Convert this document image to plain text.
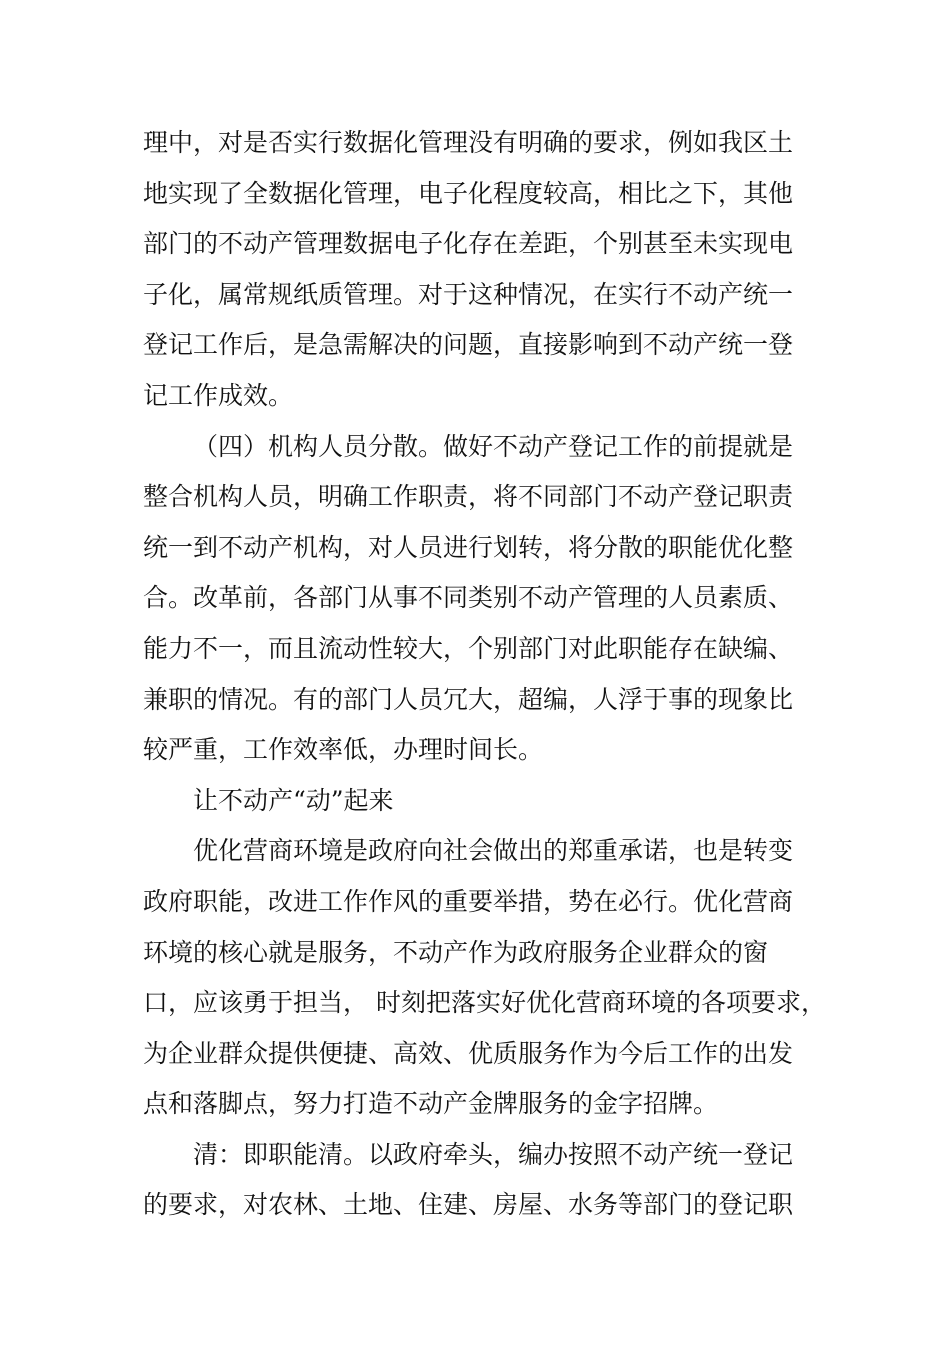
理中，对是否实行数据化管理没有明确的要求，例如我区土

地实现了全数据化管理，电子化程度较高，相比之下，其他

部门的不动产管理数据电子化存在差距，个别甚至未实现电

子化，属常规纸质管理。对于这种情况，在实行不动产统一

登记工作后，是急需解决的问题，直接影响到不动产统一登

记工作成效。

（四）机构人员分散。做好不动产登记工作的前提就是

整合机构人员，明确工作职责，将不同部门不动产登记职责

统一到不动产机构，对人员进行划转，将分散的职能优化整

合。改革前，各部门从事不同类别不动产管理的人员素质、

能力不一，而且流动性较大，个别部门对此职能存在缺编、

兼职的情况。有的部门人员冗大，超编，人浮于事的现象比

较严重，工作效率低，办理时间长。

让不动产“动”起来

优化营商环境是政府向社会做出的郑重承诺，也是转变

政府职能，改进工作作风的重要举措，势在必行。优化营商

环境的核心就是服务，不动产作为政府服务企业群众的窗

口，应该勇于担当， 时刻把落实好优化营商环境的各项要求，

为企业群众提供便捷、高效、优质服务作为今后工作的出发

点和落脚点，努力打造不动产金牌服务的金字招牌。

清：即职能清。以政府牵头，编办按照不动产统一登记

的要求，对农林、土地、住建、房屋、水务等部门的登记职
